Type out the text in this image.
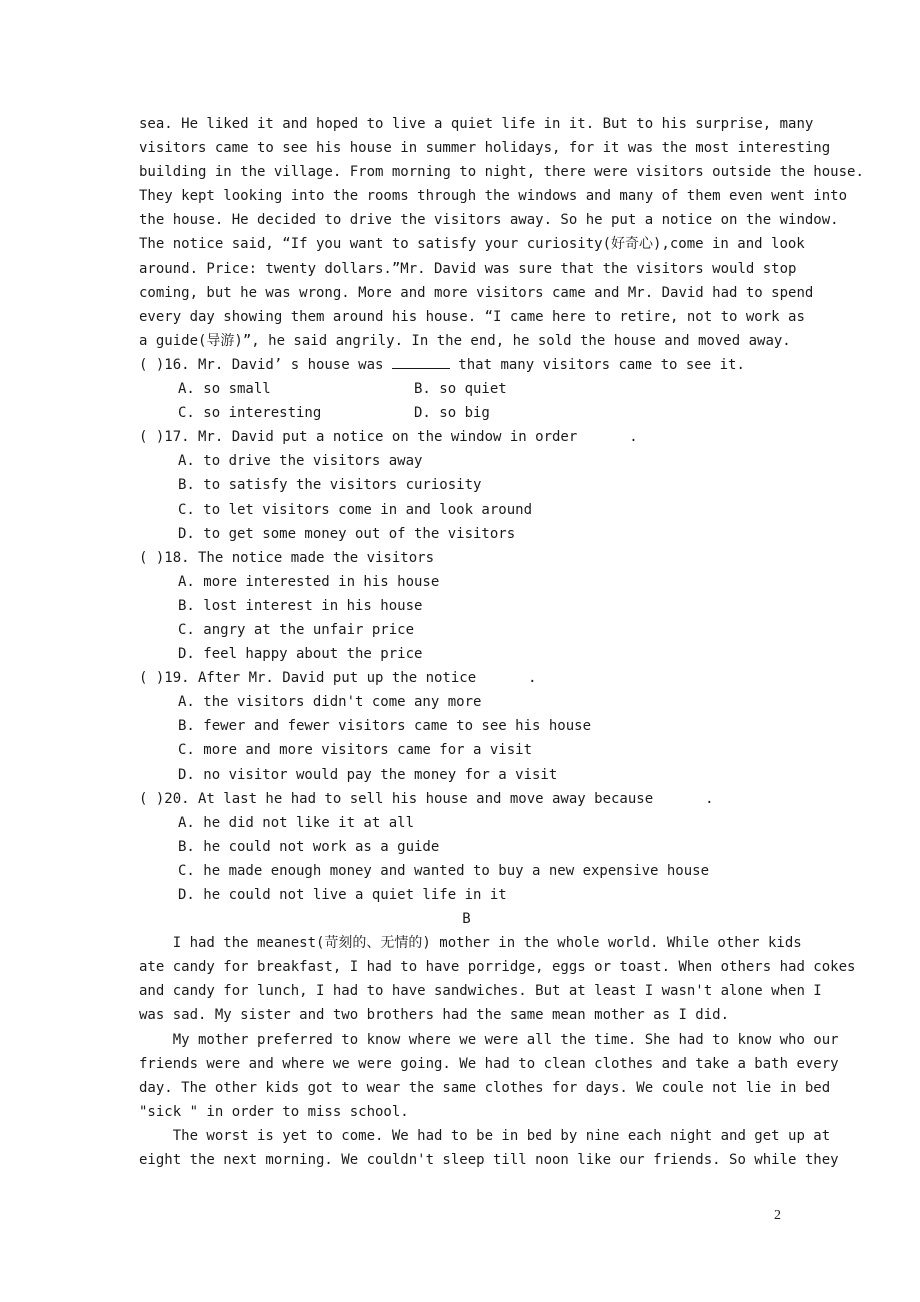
sea. He liked it and hoped to live a quiet life in it. But to his surprise, many
visitors came to see his house in summer holidays, for it was the most interesting
building in the village. From morning to night, there were visitors outside the house.
They kept looking into the rooms through the windows and many of them even went into
the house. He decided to drive the visitors away. So he put a notice on the window.
The notice said, “If you want to satisfy your curiosity(好奇心),come in and look
around. Price: twenty dollars.”Mr. David was sure that the visitors would stop
coming, but he was wrong. More and more visitors came and Mr. David had to spend
every day showing them around his house. “I came here to retire, not to work as
a guide(导游)”, he said angrily. In the end, he sold the house and moved away.
( )16. Mr. David’ s house was	that many visitors came to see it.
A. so small                 B. so quiet
C. so interesting           D. so big
( )17. Mr. David put a notice on the window in order	.
A. to drive the visitors away
B. to satisfy the visitors curiosity
C. to let visitors come in and look around
D. to get some money out of the visitors
( )18. The notice made the visitors
A. more interested in his house
B. lost interest in his house
C. angry at the unfair price
D. feel happy about the price
( )19. After Mr. David put up the notice	.
A. the visitors didn't come any more
B. fewer and fewer visitors came to see his house
C. more and more visitors came for a visit
D. no visitor would pay the money for a visit
( )20. At last he had to sell his house and move away because	.
A. he did not like it at all
B. he could not work as a guide
C. he made enough money and wanted to buy a new expensive house
D. he could not live a quiet life in it
B
I had the meanest(苛刻的、无情的) mother in the whole world. While other kids
ate candy for breakfast, I had to have porridge, eggs or toast. When others had cokes
and candy for lunch, I had to have sandwiches. But at least I wasn't alone when I
was sad. My sister and two brothers had the same mean mother as I did.
My mother preferred to know where we were all the time. She had to know who our
friends were and where we were going. We had to clean clothes and take a bath every
day. The other kids got to wear the same clothes for days. We coule not lie in bed
"sick " in order to miss school.
The worst is yet to come. We had to be in bed by nine each night and get up at
eight the next morning. We couldn't sleep till noon like our friends. So while they
2
